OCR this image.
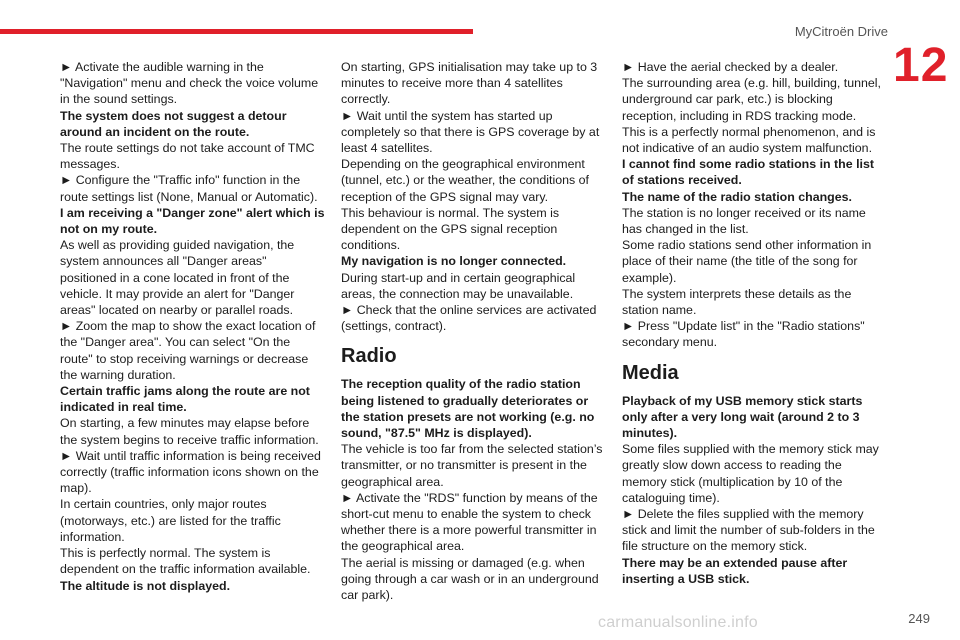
MyCitroën Drive
12

► Activate the audible warning in the "Navigation" menu and check the voice volume in the sound settings.

The system does not suggest a detour around an incident on the route.

The route settings do not take account of TMC messages.

► Configure the "Traffic info" function in the route settings list (None, Manual or Automatic).

I am receiving a "Danger zone" alert which is not on my route.

As well as providing guided navigation, the system announces all "Danger areas" positioned in a cone located in front of the vehicle. It may provide an alert for "Danger areas" located on nearby or parallel roads.

► Zoom the map to show the exact location of the "Danger area". You can select "On the route" to stop receiving warnings or decrease the warning duration.

Certain traffic jams along the route are not indicated in real time.

On starting, a few minutes may elapse before the system begins to receive traffic information.

► Wait until traffic information is being received correctly (traffic information icons shown on the map).

In certain countries, only major routes (motorways, etc.) are listed for the traffic information.

This is perfectly normal. The system is dependent on the traffic information available.

The altitude is not displayed.

On starting, GPS initialisation may take up to 3 minutes to receive more than 4 satellites correctly.

► Wait until the system has started up completely so that there is GPS coverage by at least 4 satellites.

Depending on the geographical environment (tunnel, etc.) or the weather, the conditions of reception of the GPS signal may vary.

This behaviour is normal. The system is dependent on the GPS signal reception conditions.

My navigation is no longer connected.

During start-up and in certain geographical areas, the connection may be unavailable.

► Check that the online services are activated (settings, contract).

Radio

The reception quality of the radio station being listened to gradually deteriorates or the station presets are not working (e.g. no sound, "87.5" MHz is displayed).

The vehicle is too far from the selected station’s transmitter, or no transmitter is present in the geographical area.

► Activate the "RDS" function by means of the short-cut menu to enable the system to check whether there is a more powerful transmitter in the geographical area.

The aerial is missing or damaged (e.g. when going through a car wash or in an underground car park).

► Have the aerial checked by a dealer.

The surrounding area (e.g. hill, building, tunnel, underground car park, etc.) is blocking reception, including in RDS tracking mode.

This is a perfectly normal phenomenon, and is not indicative of an audio system malfunction.

I cannot find some radio stations in the list of stations received.

The name of the radio station changes.

The station is no longer received or its name has changed in the list.

Some radio stations send other information in place of their name (the title of the song for example).

The system interprets these details as the station name.

► Press "Update list" in the "Radio stations" secondary menu.

Media

Playback of my USB memory stick starts only after a very long wait (around 2 to 3 minutes).

Some files supplied with the memory stick may greatly slow down access to reading the memory stick (multiplication by 10 of the cataloguing time).

► Delete the files supplied with the memory stick and limit the number of sub-folders in the file structure on the memory stick.

There may be an extended pause after inserting a USB stick.

carmanualsonline.info	249
